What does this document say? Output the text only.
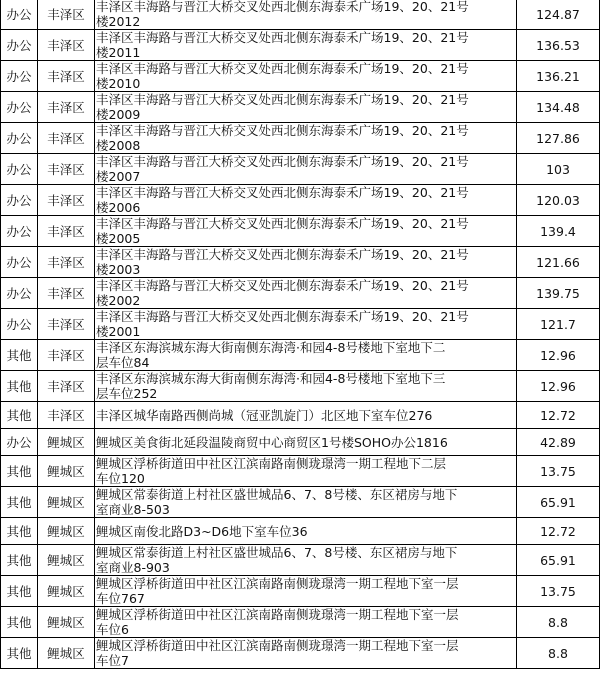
办公	丰泽区	丰泽区丰海路与晋江大桥交叉处西北侧东海泰禾广场19、20、21号
楼2012	124.87
办公	丰泽区	丰泽区丰海路与晋江大桥交叉处西北侧东海泰禾广场19、20、21号
楼2011	136.53
办公	丰泽区	丰泽区丰海路与晋江大桥交叉处西北侧东海泰禾广场19、20、21号
楼2010	136.21
办公	丰泽区	丰泽区丰海路与晋江大桥交叉处西北侧东海泰禾广场19、20、21号
楼2009	134.48
办公	丰泽区	丰泽区丰海路与晋江大桥交叉处西北侧东海泰禾广场19、20、21号
楼2008	127.86
办公	丰泽区	丰泽区丰海路与晋江大桥交叉处西北侧东海泰禾广场19、20、21号
楼2007	103
办公	丰泽区	丰泽区丰海路与晋江大桥交叉处西北侧东海泰禾广场19、20、21号
楼2006	120.03
办公	丰泽区	丰泽区丰海路与晋江大桥交叉处西北侧东海泰禾广场19、20、21号
楼2005	139.4
办公	丰泽区	丰泽区丰海路与晋江大桥交叉处西北侧东海泰禾广场19、20、21号
楼2003	121.66
办公	丰泽区	丰泽区丰海路与晋江大桥交叉处西北侧东海泰禾广场19、20、21号
楼2002	139.75
办公	丰泽区	丰泽区丰海路与晋江大桥交叉处西北侧东海泰禾广场19、20、21号
楼2001	121.7
其他	丰泽区	丰泽区东海滨城东海大街南侧东海湾·和园4-8号楼地下室地下二
层车位84	12.96
其他	丰泽区	丰泽区东海滨城东海大街南侧东海湾·和园4-8号楼地下室地下三
层车位252	12.96
其他	丰泽区	丰泽区城华南路西侧尚城（冠亚凯旋门）北区地下室车位276	12.72
办公	鲤城区	鲤城区美食街北延段温陵商贸中心商贸区1号楼SOHO办公1816	42.89
其他	鲤城区	鲤城区浮桥街道田中社区江滨南路南侧珑璟湾一期工程地下二层
车位120	13.75
其他	鲤城区	鲤城区常泰街道上村社区盛世城品6、7、8号楼、东区裙房与地下
室商业8-503	65.91
其他	鲤城区	鲤城区南俊北路D3~D6地下室车位36	12.72
其他	鲤城区	鲤城区常泰街道上村社区盛世城品6、7、8号楼、东区裙房与地下
室商业8-903	65.91
其他	鲤城区	鲤城区浮桥街道田中社区江滨南路南侧珑璟湾一期工程地下室一层
车位767	13.75
其他	鲤城区	鲤城区浮桥街道田中社区江滨南路南侧珑璟湾一期工程地下室一层
车位6	8.8
其他	鲤城区	鲤城区浮桥街道田中社区江滨南路南侧珑璟湾一期工程地下室一层
车位7	8.8
